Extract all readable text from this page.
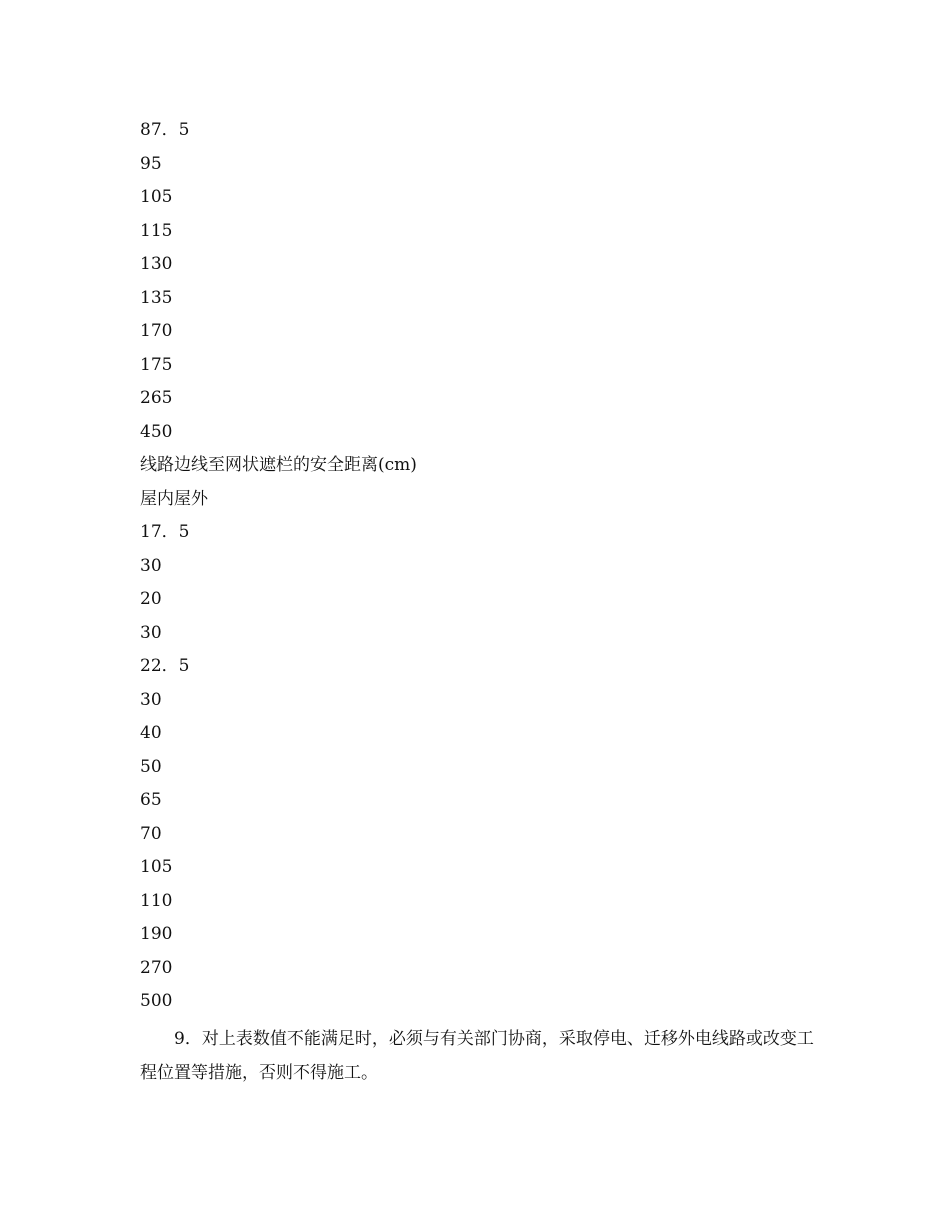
87．5
95
105
115
130
135
170
175
265
450
线路边线至网状遮栏的安全距离(cm)
屋内屋外
17．5
30
20
30
22．5
30
40
50
65
70
105
110
190
270
500

9．对上表数值不能满足时，必须与有关部门协商，采取停电、迁移外电线路或改变工程位置等措施，否则不得施工。
